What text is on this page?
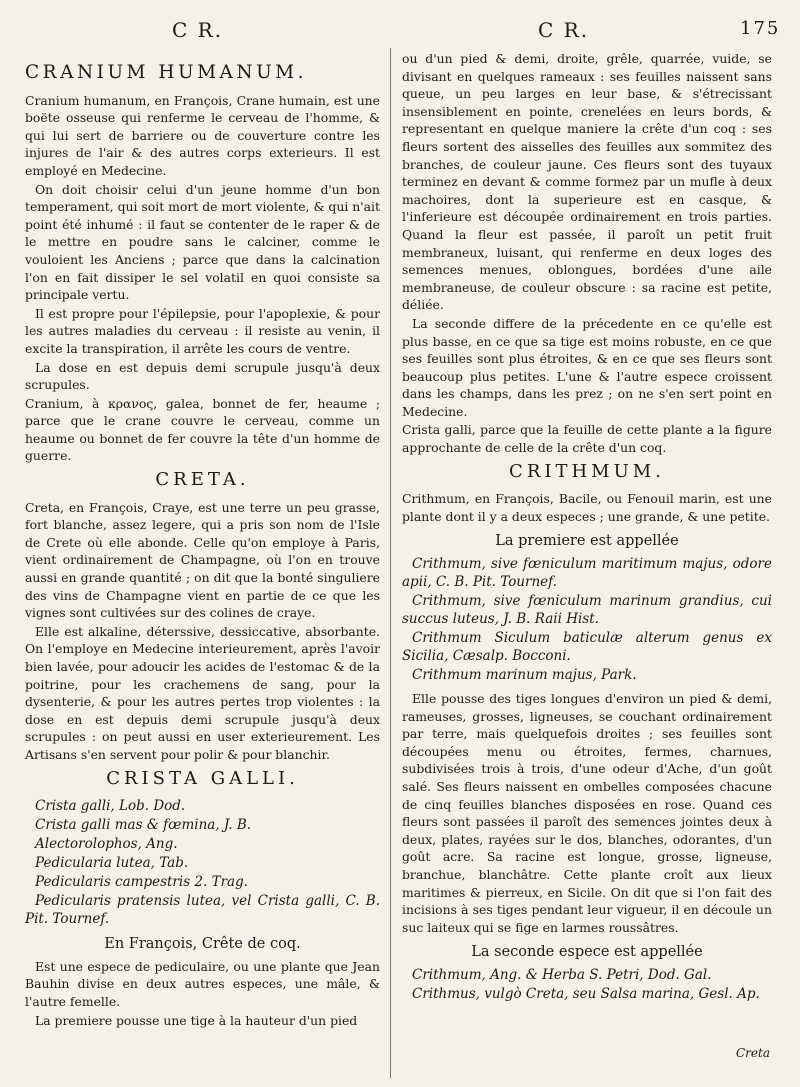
C R.	C R.	175
CRANIUM HUMANUM.

Cranium humanum, en François, Crane humain, est une boëte osseuse qui renferme le cerveau de l'homme, & qui lui sert de barriere ou de couverture contre les injures de l'air & des autres corps exterieurs. Il est employé en Medecine.

On doit choisir celui d'un jeune homme d'un bon temperament, qui soit mort de mort violente, & qui n'ait point été inhumé : il faut se contenter de le raper & de le mettre en poudre sans le calciner, comme le vouloient les Anciens ; parce que dans la calcination l'on en fait dissiper le sel volatil en quoi consiste sa principale vertu.

Il est propre pour l'épilepsie, pour l'apoplexie, & pour les autres maladies du cerveau : il resiste au venin, il excite la transpiration, il arrête les cours de ventre.

La dose en est depuis demi scrupule jusqu'à deux scrupules.

Cranium, à κρανος, galea, bonnet de fer, heaume ; parce que le crane couvre le cerveau, comme un heaume ou bonnet de fer couvre la tête d'un homme de guerre.

CRETA.

Creta, en François, Craye, est une terre un peu grasse, fort blanche, assez legere, qui a pris son nom de l'Isle de Crete où elle abonde. Celle qu'on employe à Paris, vient ordinairement de Champagne, où l'on en trouve aussi en grande quantité ; on dit que la bonté singuliere des vins de Champagne vient en partie de ce que les vignes sont cultivées sur des colines de craye.

Elle est alkaline, déterssive, dessiccative, absorbante. On l'employe en Medecine interieurement, après l'avoir bien lavée, pour adoucir les acides de l'estomac & de la poitrine, pour les crachemens de sang, pour la dysenterie, & pour les autres pertes trop violentes : la dose en est depuis demi scrupule jusqu'à deux scrupules : on peut aussi en user exterieurement. Les Artisans s'en servent pour polir & pour blanchir.

CRISTA GALLI.

Crista galli, Lob. Dod.

Crista galli mas & fœmina, J. B.

Alectorolophos, Ang.

Pedicularia lutea, Tab.

Pedicularis campestris 2. Trag.

Pedicularis pratensis lutea, vel Crista galli, C. B. Pit. Tournef.

En François, Crête de coq.

Est une espece de pediculaire, ou une plante que Jean Bauhin divise en deux autres especes, une mâle, & l'autre femelle.

La premiere pousse une tige à la hauteur d'un pied

ou d'un pied & demi, droite, grêle, quarrée, vuide, se divisant en quelques rameaux : ses feuilles naissent sans queue, un peu larges en leur base, & s'étrecissant insensiblement en pointe, crenelées en leurs bords, & representant en quelque maniere la crête d'un coq : ses fleurs sortent des aisselles des feuilles aux sommitez des branches, de couleur jaune. Ces fleurs sont des tuyaux terminez en devant & comme formez par un mufle à deux machoires, dont la superieure est en casque, & l'inferieure est découpée ordinairement en trois parties. Quand la fleur est passée, il paroît un petit fruit membraneux, luisant, qui renferme en deux loges des semences menues, oblongues, bordées d'une aile membraneuse, de couleur obscure : sa racine est petite, déliée.

La seconde differe de la précedente en ce qu'elle est plus basse, en ce que sa tige est moins robuste, en ce que ses feuilles sont plus étroites, & en ce que ses fleurs sont beaucoup plus petites. L'une & l'autre espece croissent dans les champs, dans les prez ; on ne s'en sert point en Medecine.

Crista galli, parce que la feuille de cette plante a la figure approchante de celle de la crête d'un coq.

CRITHMUM.

Crithmum, en François, Bacile, ou Fenouil marin, est une plante dont il y a deux especes ; une grande, & une petite.

La premiere est appellée

Crithmum, sive fœniculum maritimum majus, odore apii, C. B. Pit. Tournef.

Crithmum, sive fœniculum marinum grandius, cui succus luteus, J. B. Raii Hist.

Crithmum Siculum baticulæ alterum genus ex Sicilia, Cæsalp. Bocconi.

Crithmum marinum majus, Park.

Elle pousse des tiges longues d'environ un pied & demi, rameuses, grosses, ligneuses, se couchant ordinairement par terre, mais quelquefois droites ; ses feuilles sont découpées menu ou étroites, fermes, charnues, subdivisées trois à trois, d'une odeur d'Ache, d'un goût salé. Ses fleurs naissent en ombelles composées chacune de cinq feuilles blanches disposées en rose. Quand ces fleurs sont passées il paroît des semences jointes deux à deux, plates, rayées sur le dos, blanches, odorantes, d'un goût acre. Sa racine est longue, grosse, ligneuse, branchue, blanchâtre. Cette plante croît aux lieux maritimes & pierreux, en Sicile. On dit que si l'on fait des incisions à ses tiges pendant leur vigueur, il en découle un suc laiteux qui se fige en larmes roussâtres.

La seconde espece est appellée

Crithmum, Ang. & Herba S. Petri, Dod. Gal.

Crithmus, vulgò Creta, seu Salsa marina, Gesl. Ap.

Creta
